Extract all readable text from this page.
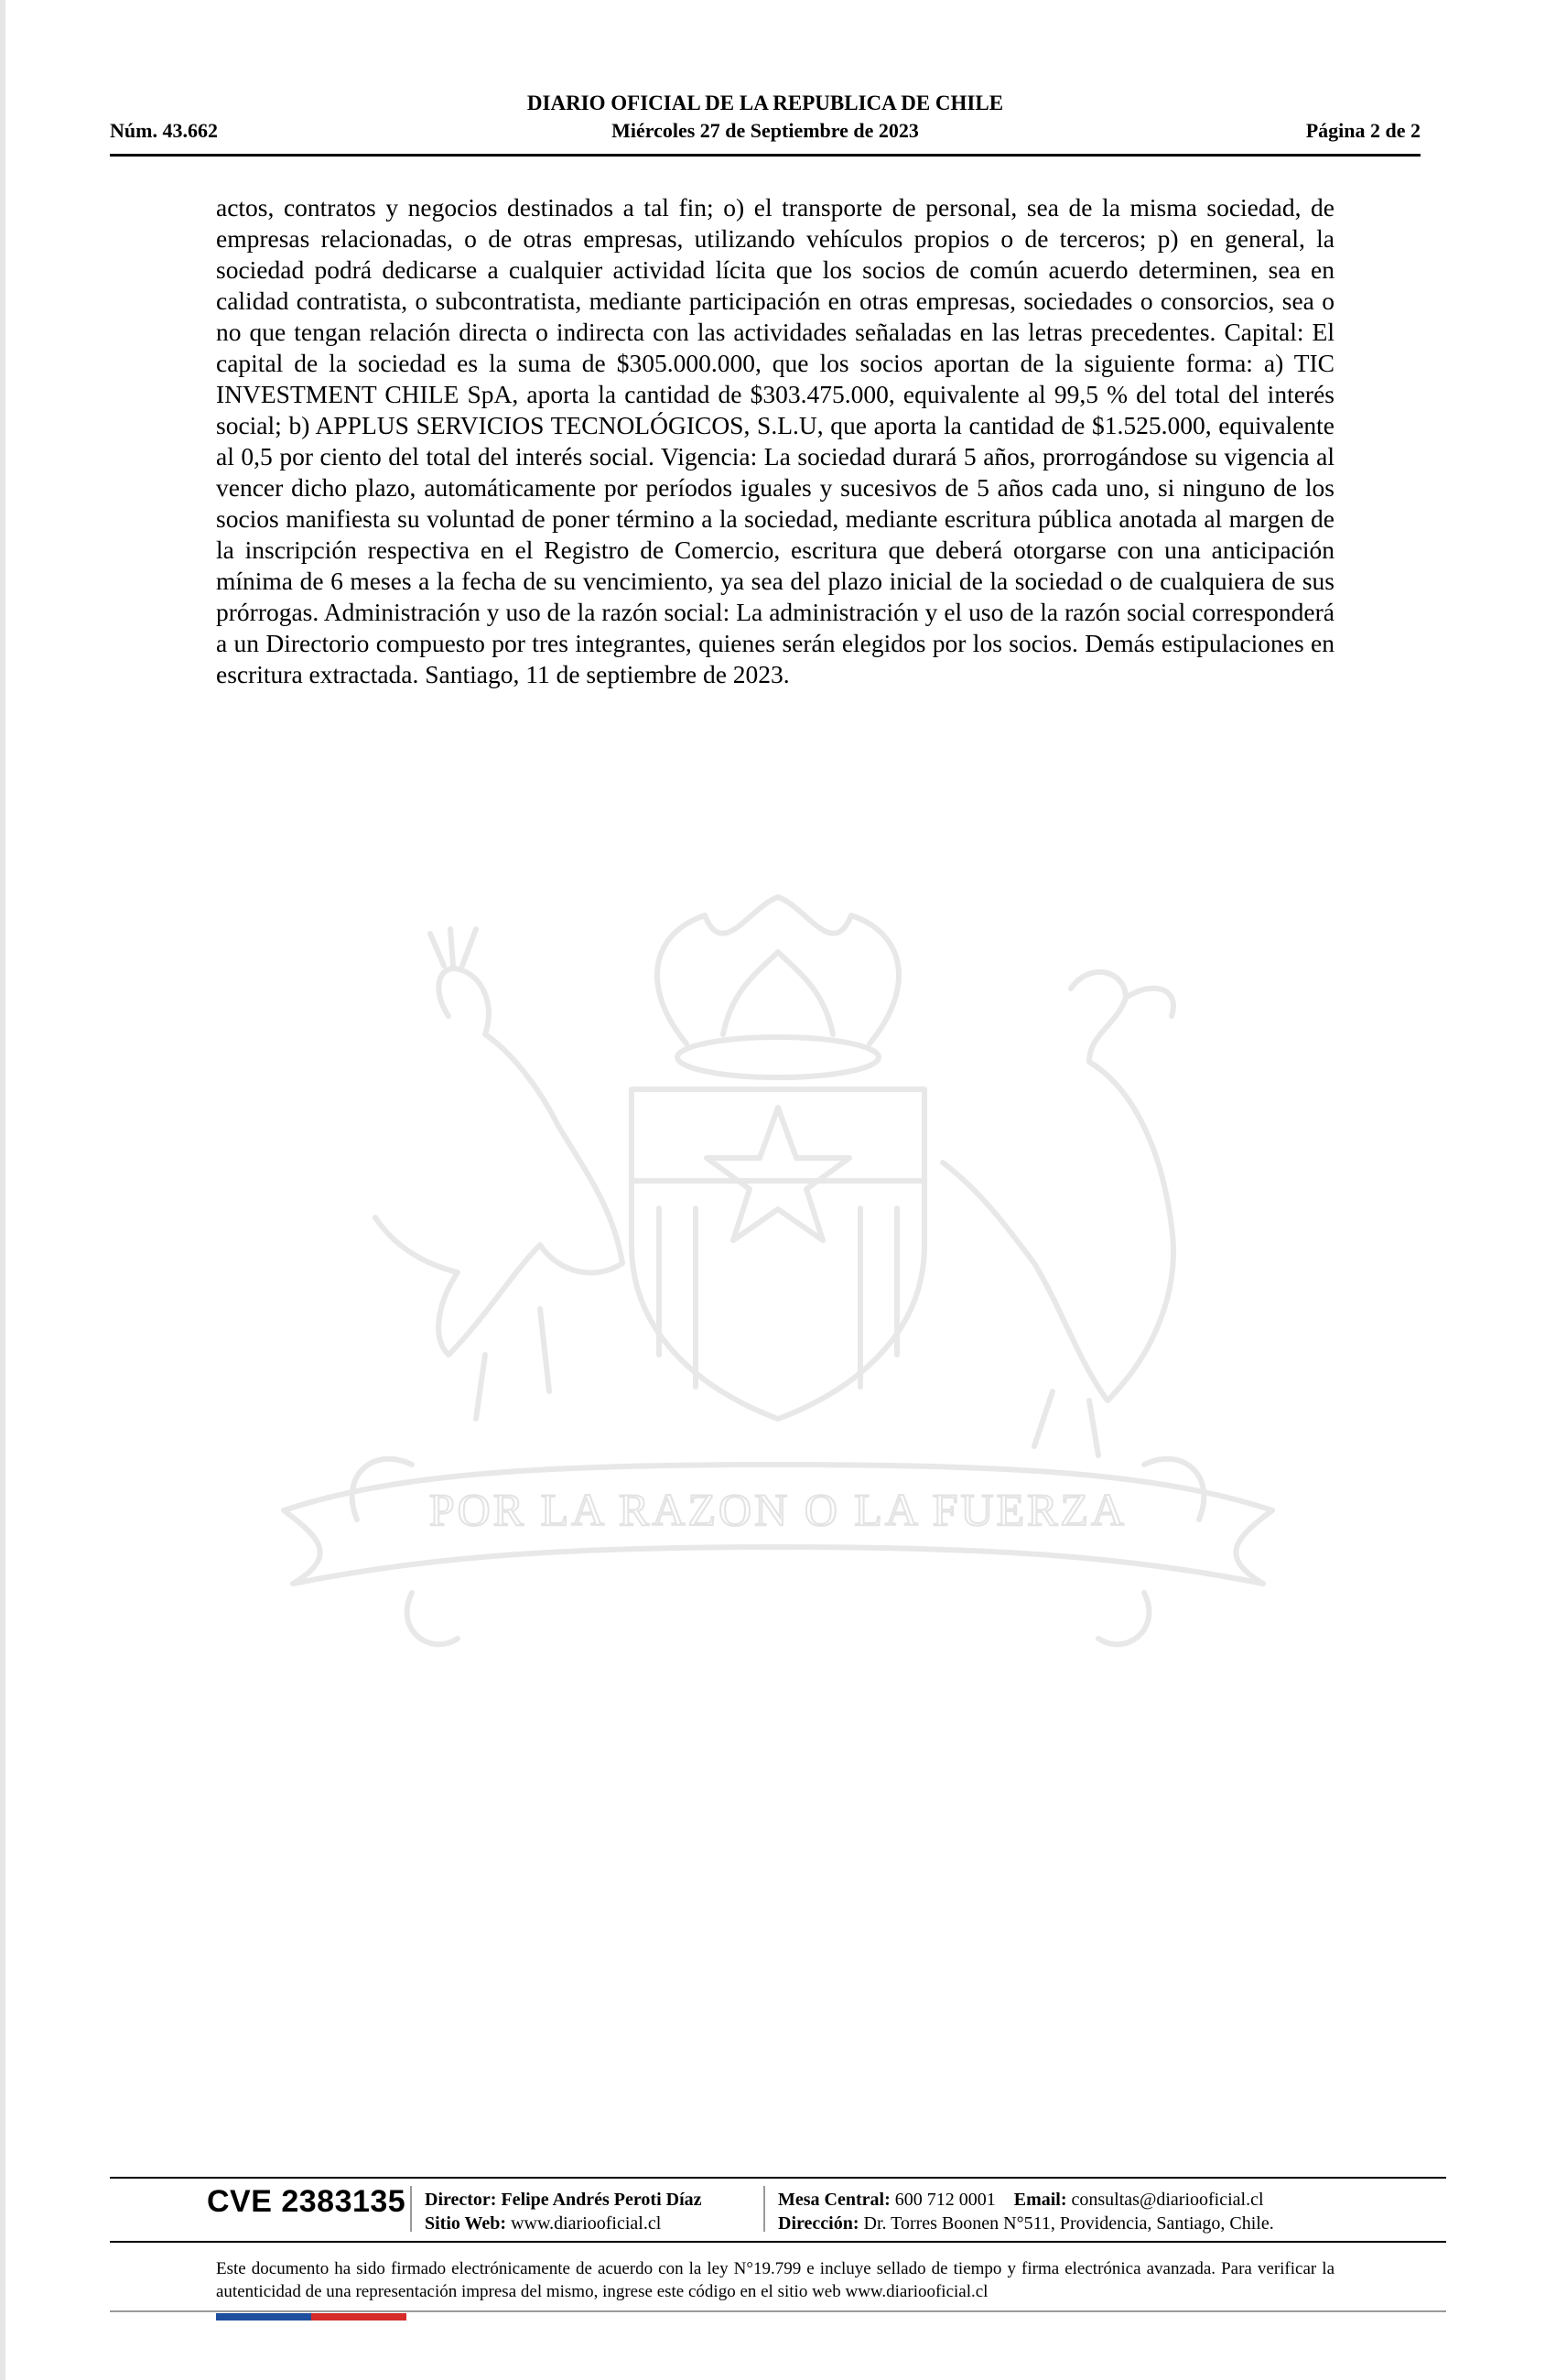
DIARIO OFICIAL DE LA REPUBLICA DE CHILE
Núm. 43.662	Miércoles 27 de Septiembre de 2023	Página 2 de 2

actos, contratos y negocios destinados a tal fin; o) el transporte de personal, sea de la misma sociedad, de empresas relacionadas, o de otras empresas, utilizando vehículos propios o de terceros; p) en general, la sociedad podrá dedicarse a cualquier actividad lícita que los socios de común acuerdo determinen, sea en calidad contratista, o subcontratista, mediante participación en otras empresas, sociedades o consorcios, sea o no que tengan relación directa o indirecta con las actividades señaladas en las letras precedentes. Capital: El capital de la sociedad es la suma de $305.000.000, que los socios aportan de la siguiente forma: a) TIC INVESTMENT CHILE SpA, aporta la cantidad de $303.475.000, equivalente al 99,5 % del total del interés social; b) APPLUS SERVICIOS TECNOLÓGICOS, S.L.U, que aporta la cantidad de $1.525.000, equivalente al 0,5 por ciento del total del interés social. Vigencia: La sociedad durará 5 años, prorrogándose su vigencia al vencer dicho plazo, automáticamente por períodos iguales y sucesivos de 5 años cada uno, si ninguno de los socios manifiesta su voluntad de poner término a la sociedad, mediante escritura pública anotada al margen de la inscripción respectiva en el Registro de Comercio, escritura que deberá otorgarse con una anticipación mínima de 6 meses a la fecha de su vencimiento, ya sea del plazo inicial de la sociedad o de cualquiera de sus prórrogas. Administración y uso de la razón social: La administración y el uso de la razón social corresponderá a un Directorio compuesto por tres integrantes, quienes serán elegidos por los socios. Demás estipulaciones en escritura extractada. Santiago, 11 de septiembre de 2023.

POR LA RAZON O LA FUERZA
CVE 2383135 Director: Felipe Andrés Peroti Díaz
Sitio Web: www.diariooficial.cl
Mesa Central: 600 712 0001 Email: consultas@diariooficial.cl
Dirección: Dr. Torres Boonen N°511, Providencia, Santiago, Chile.

Este documento ha sido firmado electrónicamente de acuerdo con la ley N°19.799 e incluye sellado de tiempo y firma electrónica avanzada. Para verificar la autenticidad de una representación impresa del mismo, ingrese este código en el sitio web www.diariooficial.cl
